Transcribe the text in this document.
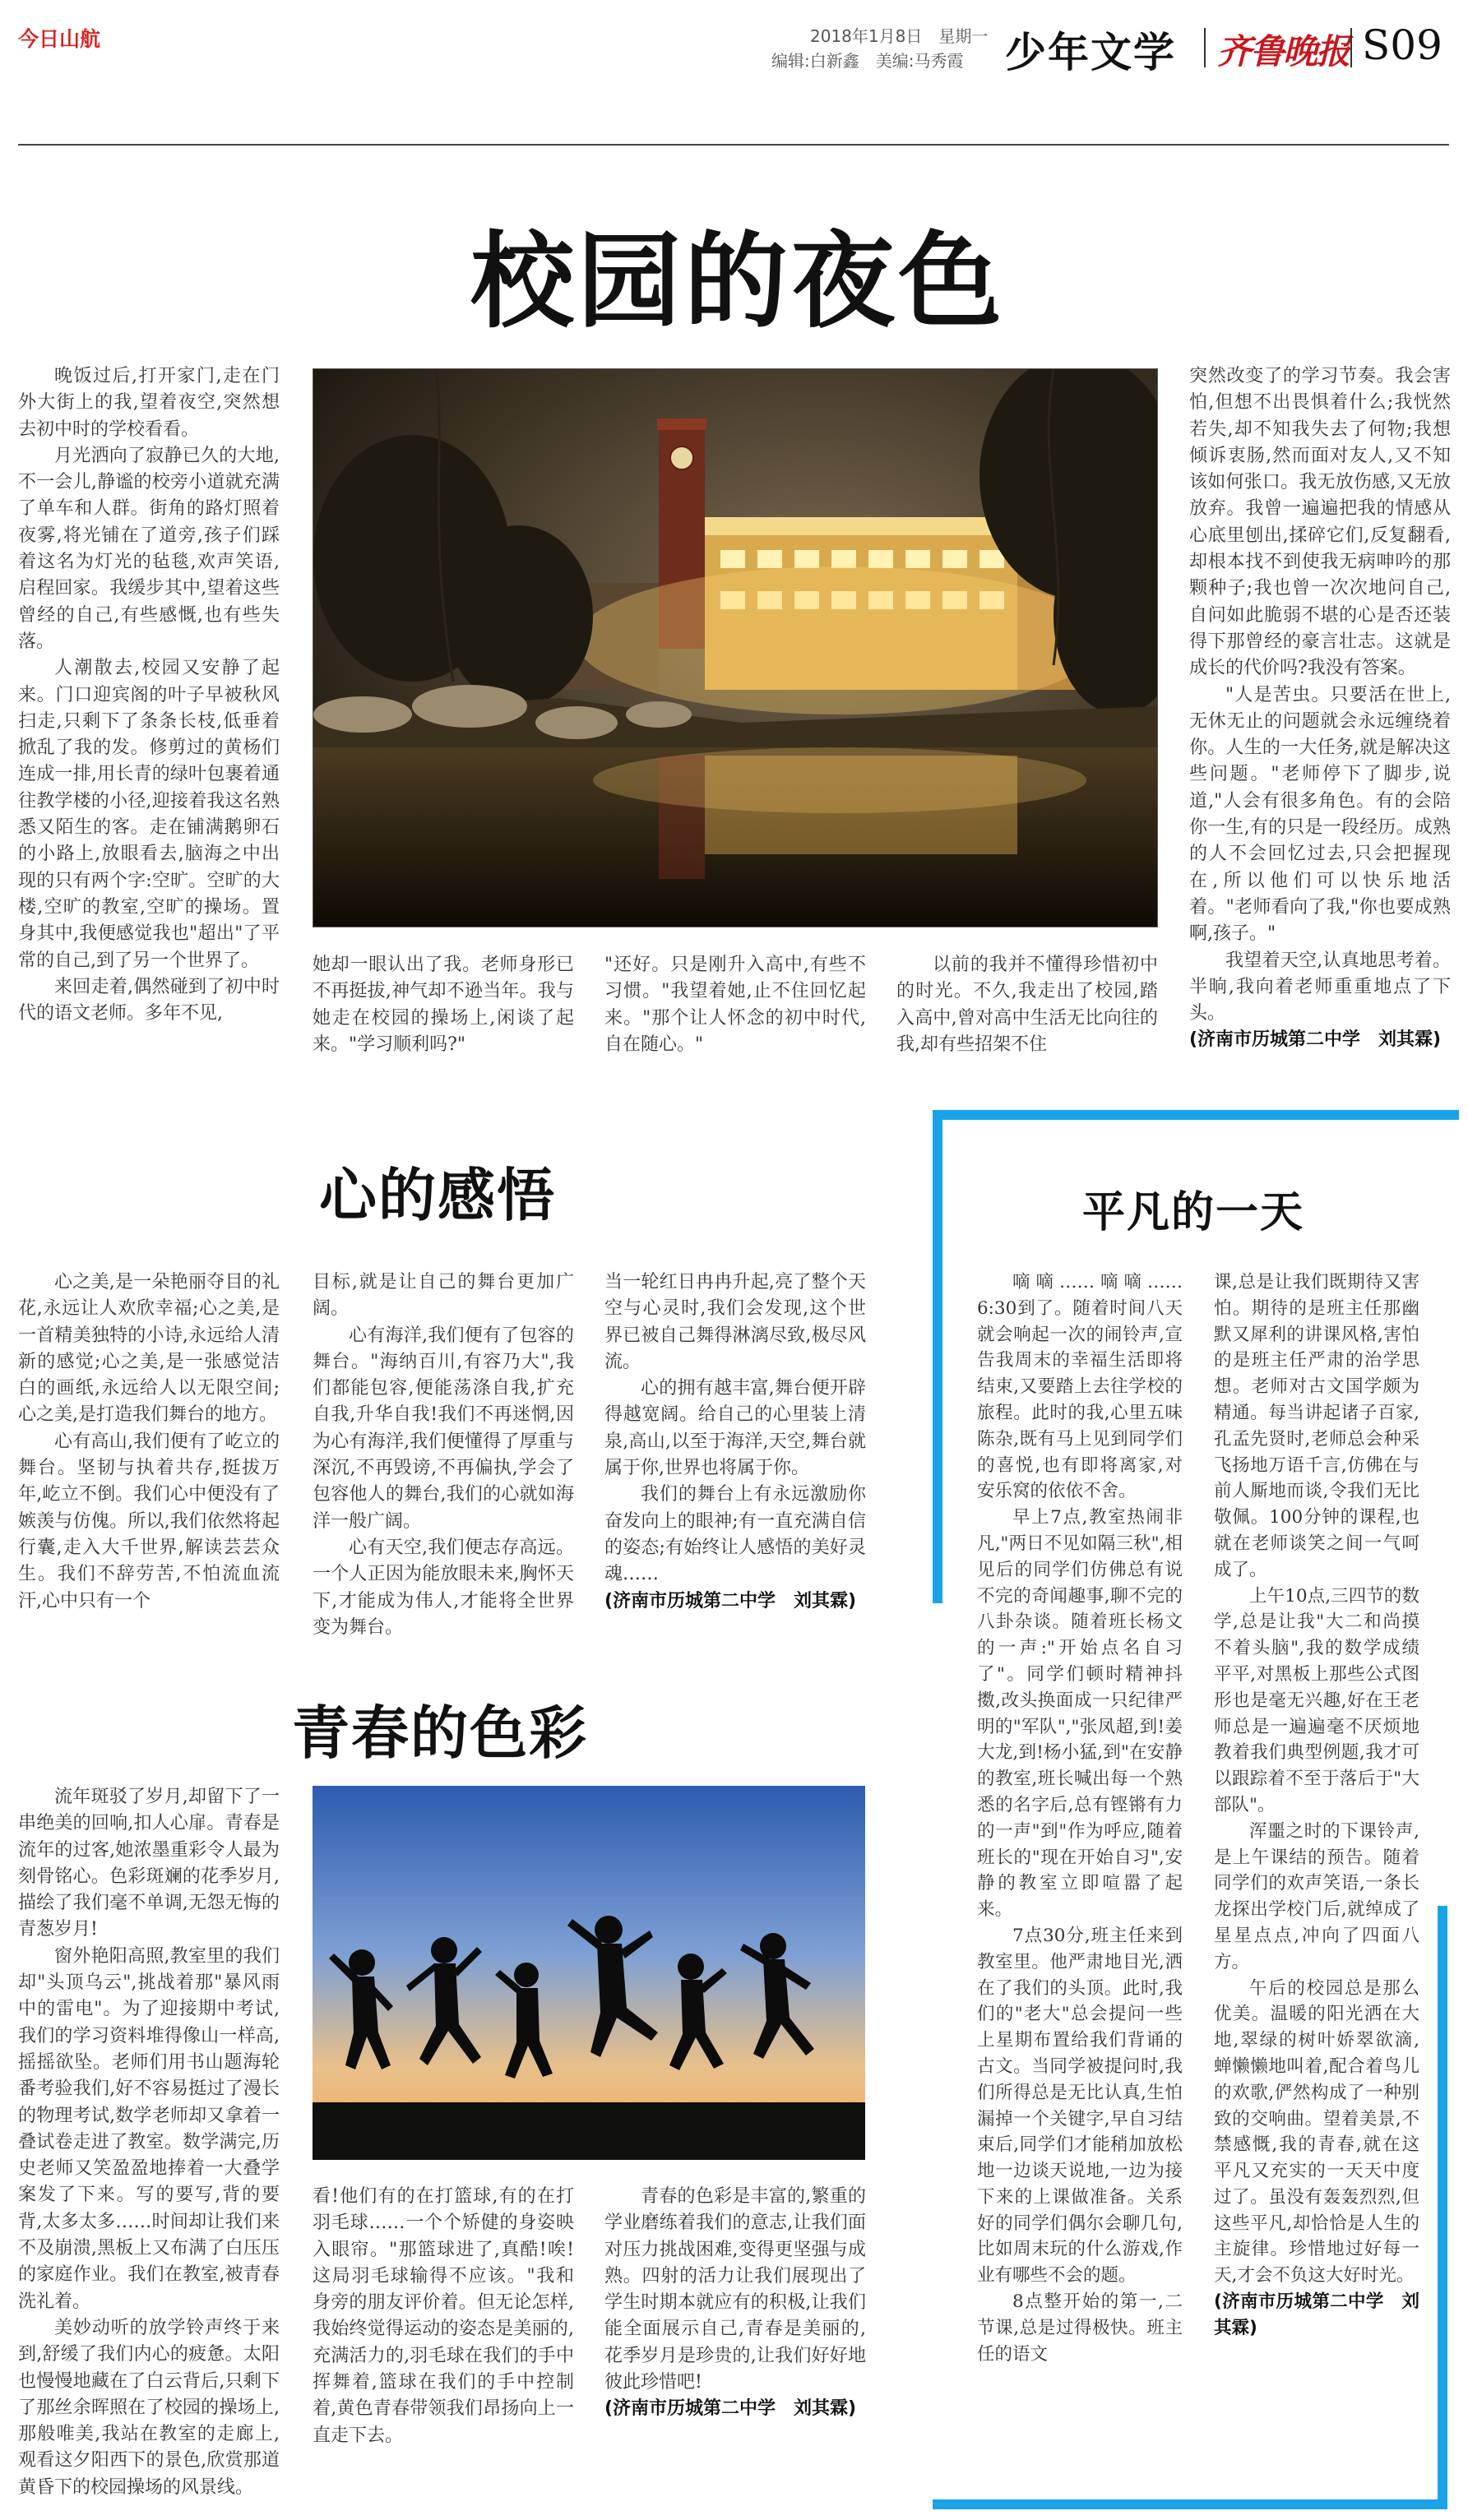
今日山航	2018年1月8日　星期一
编辑:白新鑫　美编:马秀霞 少年文学 齐鲁晚报 S09
校园的夜色

晚饭过后,打开家门,走在门外大街上的我,望着夜空,突然想去初中时的学校看看。

月光洒向了寂静已久的大地,不一会儿,静谧的校旁小道就充满了单车和人群。街角的路灯照着夜雾,将光铺在了道旁,孩子们踩着这名为灯光的毡毯,欢声笑语,启程回家。我缓步其中,望着这些曾经的自己,有些感慨,也有些失落。

人潮散去,校园又安静了起来。门口迎宾阁的叶子早被秋风扫走,只剩下了条条长枝,低垂着掀乱了我的发。修剪过的黄杨们连成一排,用长青的绿叶包裹着通往教学楼的小径,迎接着我这名熟悉又陌生的客。走在铺满鹅卵石的小路上,放眼看去,脑海之中出现的只有两个字:空旷。空旷的大楼,空旷的教室,空旷的操场。置身其中,我便感觉我也"超出"了平常的自己,到了另一个世界了。

来回走着,偶然碰到了初中时代的语文老师。多年不见,

她却一眼认出了我。老师身形已不再挺拔,神气却不逊当年。我与她走在校园的操场上,闲谈了起来。"学习顺利吗?"

"还好。只是刚升入高中,有些不习惯。"我望着她,止不住回忆起来。"那个让人怀念的初中时代,自在随心。"

以前的我并不懂得珍惜初中的时光。不久,我走出了校园,踏入高中,曾对高中生活无比向往的我,却有些招架不住

突然改变了的学习节奏。我会害怕,但想不出畏惧着什么;我恍然若失,却不知我失去了何物;我想倾诉衷肠,然而面对友人,又不知该如何张口。我无放伤感,又无放放弃。我曾一遍遍把我的情感从心底里刨出,揉碎它们,反复翻看,却根本找不到使我无病呻吟的那颗种子;我也曾一次次地问自己,自问如此脆弱不堪的心是否还装得下那曾经的豪言壮志。这就是成长的代价吗?我没有答案。

"人是苦虫。只要活在世上,无休无止的问题就会永远缠绕着你。人生的一大任务,就是解决这些问题。"老师停下了脚步,说道,"人会有很多角色。有的会陪你一生,有的只是一段经历。成熟的人不会回忆过去,只会把握现在,所以他们可以快乐地活着。"老师看向了我,"你也要成熟啊,孩子。"

我望着天空,认真地思考着。半晌,我向着老师重重地点了下头。

(济南市历城第二中学　刘其霖)

心的感悟

心之美,是一朵艳丽夺目的礼花,永远让人欢欣幸福;心之美,是一首精美独特的小诗,永远给人清新的感觉;心之美,是一张感觉洁白的画纸,永远给人以无限空间;心之美,是打造我们舞台的地方。

心有高山,我们便有了屹立的舞台。坚韧与执着共存,挺拔万年,屹立不倒。我们心中便没有了嫉羡与仿傀。所以,我们依然将起行囊,走入大千世界,解读芸芸众生。我们不辞劳苦,不怕流血流汗,心中只有一个

目标,就是让自己的舞台更加广阔。

心有海洋,我们便有了包容的舞台。"海纳百川,有容乃大",我们都能包容,便能荡涤自我,扩充自我,升华自我!我们不再迷惘,因为心有海洋,我们便懂得了厚重与深沉,不再毁谤,不再偏执,学会了包容他人的舞台,我们的心就如海洋一般广阔。

心有天空,我们便志存高远。一个人正因为能放眼未来,胸怀天下,才能成为伟人,才能将全世界变为舞台。

当一轮红日冉冉升起,亮了整个天空与心灵时,我们会发现,这个世界已被自己舞得淋漓尽致,极尽风流。

心的拥有越丰富,舞台便开辟得越宽阔。给自己的心里装上清泉,高山,以至于海洋,天空,舞台就属于你,世界也将属于你。

我们的舞台上有永远激励你奋发向上的眼神;有一直充满自信的姿态;有始终让人感悟的美好灵魂……

(济南市历城第二中学　刘其霖)

青春的色彩

流年斑驳了岁月,却留下了一串绝美的回响,扣人心扉。青春是流年的过客,她浓墨重彩令人最为刻骨铭心。色彩斑斓的花季岁月,描绘了我们毫不单调,无怨无悔的青葱岁月!

窗外艳阳高照,教室里的我们却"头顶乌云",挑战着那"暴风雨中的雷电"。为了迎接期中考试,我们的学习资料堆得像山一样高,摇摇欲坠。老师们用书山题海轮番考验我们,好不容易挺过了漫长的物理考试,数学老师却又拿着一叠试卷走进了教室。数学满完,历史老师又笑盈盈地捧着一大叠学案发了下来。写的要写,背的要背,太多太多……时间却让我们来不及崩溃,黑板上又布满了白压压的家庭作业。我们在教室,被青春洗礼着。

美妙动听的放学铃声终于来到,舒缓了我们内心的疲惫。太阳也慢慢地藏在了白云背后,只剩下了那丝余晖照在了校园的操场上,那般唯美,我站在教室的走廊上,观看这夕阳西下的景色,欣赏那道黄昏下的校园操场的风景线。

看!他们有的在打篮球,有的在打羽毛球……一个个矫健的身姿映入眼帘。"那篮球进了,真酷!唉!这局羽毛球输得不应该。"我和身旁的朋友评价着。但无论怎样,我始终觉得运动的姿态是美丽的,充满活力的,羽毛球在我们的手中挥舞着,篮球在我们的手中控制着,黄色青春带领我们昂扬向上一直走下去。

青春的色彩是丰富的,繁重的学业磨练着我们的意志,让我们面对压力挑战困难,变得更坚强与成熟。四射的活力让我们展现出了学生时期本就应有的积极,让我们能全面展示自己,青春是美丽的,花季岁月是珍贵的,让我们好好地彼此珍惜吧!

(济南市历城第二中学　刘其霖)

平凡的一天

嘀嘀……嘀嘀……6:30到了。随着时间八天就会响起一次的闹铃声,宣告我周末的幸福生活即将结束,又要踏上去往学校的旅程。此时的我,心里五味陈杂,既有马上见到同学们的喜悦,也有即将离家,对安乐窝的依依不舍。

早上7点,教室热闹非凡,"两日不见如隔三秋",相见后的同学们仿佛总有说不完的奇闻趣事,聊不完的八卦杂谈。随着班长杨文的一声:"开始点名自习了"。同学们顿时精神抖擞,改头换面成一只纪律严明的"军队","张凤超,到!姜大龙,到!杨小猛,到"在安静的教室,班长喊出每一个熟悉的名字后,总有铿锵有力的一声"到"作为呼应,随着班长的"现在开始自习",安静的教室立即喧嚣了起来。

7点30分,班主任来到教室里。他严肃地目光,洒在了我们的头顶。此时,我们的"老大"总会提问一些上星期布置给我们背诵的古文。当同学被提问时,我们所得总是无比认真,生怕漏掉一个关键字,早自习结束后,同学们才能稍加放松地一边谈天说地,一边为接下来的上课做准备。关系好的同学们偶尔会聊几句,比如周末玩的什么游戏,作业有哪些不会的题。

8点整开始的第一,二节课,总是过得极快。班主任的语文

课,总是让我们既期待又害怕。期待的是班主任那幽默又犀利的讲课风格,害怕的是班主任严肃的治学思想。老师对古文国学颇为精通。每当讲起诸子百家,孔孟先贤时,老师总会种采飞扬地万语千言,仿佛在与前人厮地而谈,令我们无比敬佩。100分钟的课程,也就在老师谈笑之间一气呵成了。

上午10点,三四节的数学,总是让我"大二和尚摸不着头脑",我的数学成绩平平,对黑板上那些公式图形也是毫无兴趣,好在王老师总是一遍遍毫不厌烦地教着我们典型例题,我才可以跟踪着不至于落后于"大部队"。

浑噩之时的下课铃声,是上午课结的预告。随着同学们的欢声笑语,一条长龙探出学校门后,就绰成了星星点点,冲向了四面八方。

午后的校园总是那么优美。温暖的阳光洒在大地,翠绿的树叶娇翠欲滴,蝉懒懒地叫着,配合着鸟儿的欢歌,俨然构成了一种别致的交响曲。望着美景,不禁感慨,我的青春,就在这平凡又充实的一天天中度过了。虽没有轰轰烈烈,但这些平凡,却恰恰是人生的主旋律。珍惜地过好每一天,才会不负这大好时光。

(济南市历城第二中学　刘其霖)
